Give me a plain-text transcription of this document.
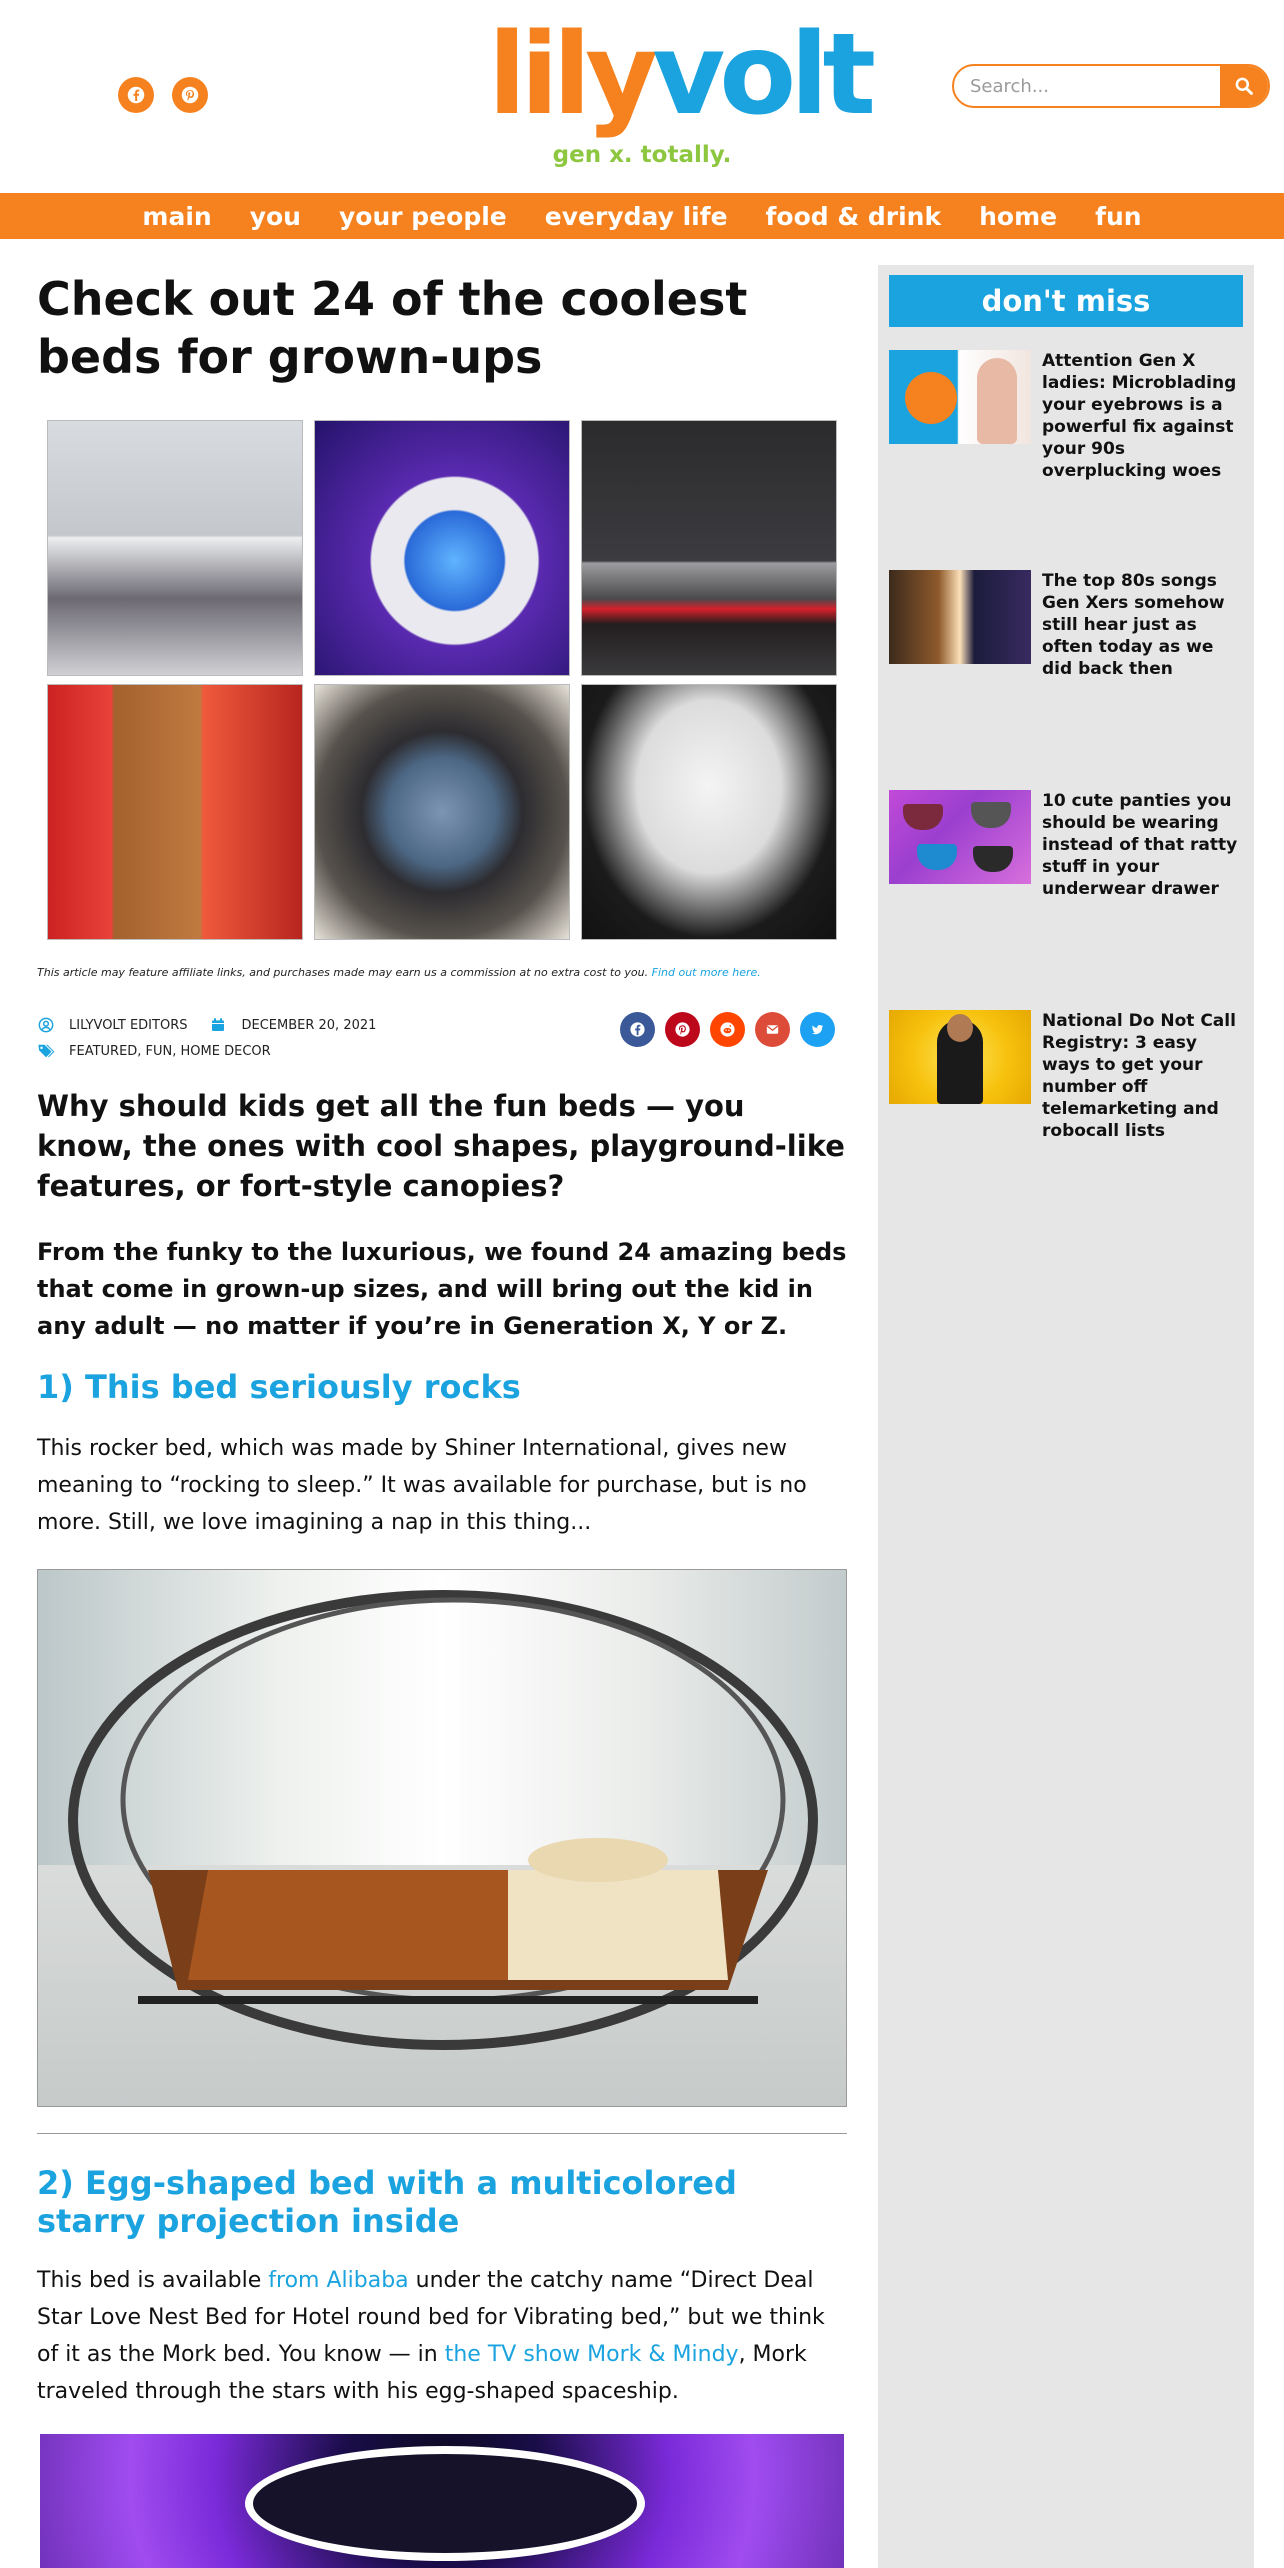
lilyvolt
gen x. totally.
Search...
main you your people everyday life food & drink home fun
Check out 24 of the coolest beds for grown-ups

This article may feature affiliate links, and purchases made may earn us a commission at no extra cost to you. Find out more here.

LILYVOLT EDITORS	DECEMBER 20, 2021
FEATURED, FUN, HOME DECOR

Why should kids get all the fun beds — you know, the ones with cool shapes, playground-like features, or fort-style canopies?

From the funky to the luxurious, we found 24 amazing beds that come in grown-up sizes, and will bring out the kid in any adult — no matter if you’re in Generation X, Y or Z.

1) This bed seriously rocks

This rocker bed, which was made by Shiner International, gives new meaning to “rocking to sleep.” It was available for purchase, but is no more. Still, we love imagining a nap in this thing...

2) Egg-shaped bed with a multicolored starry projection inside

This bed is available from Alibaba under the catchy name “Direct Deal Star Love Nest Bed for Hotel round bed for Vibrating bed,” but we think of it as the Mork bed. You know — in the TV show Mork & Mindy, Mork traveled through the stars with his egg-shaped spaceship.

don't miss
Attention Gen X ladies: Microblading your eyebrows is a powerful fix against your 90s overplucking woes
The top 80s songs Gen Xers somehow still hear just as often today as we did back then
10 cute panties you should be wearing instead of that ratty stuff in your underwear drawer
National Do Not Call Registry: 3 easy ways to get your number off telemarketing and robocall lists
